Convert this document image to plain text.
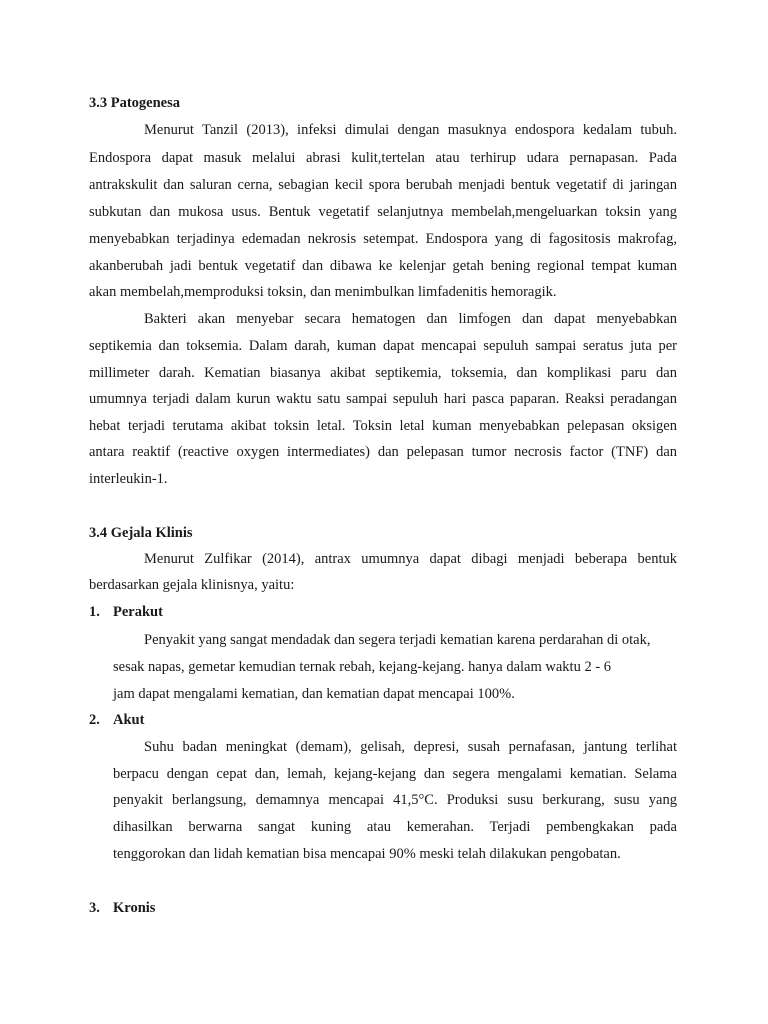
3.3 Patogenesa
Menurut Tanzil (2013), infeksi dimulai dengan masuknya endospora kedalam tubuh.
Endospora dapat masuk melalui abrasi kulit,tertelan atau terhirup udara pernapasan. Pada
antrakskulit dan saluran cerna, sebagian kecil spora berubah menjadi bentuk vegetatif di jaringan
subkutan dan mukosa usus. Bentuk vegetatif selanjutnya membelah,mengeluarkan toksin yang
menyebabkan terjadinya edemadan nekrosis setempat. Endospora yang di fagositosis makrofag,
akanberubah jadi bentuk vegetatif dan dibawa ke kelenjar getah bening regional tempat kuman
akan membelah,memproduksi toksin, dan menimbulkan limfadenitis hemoragik.
Bakteri akan menyebar secara hematogen dan limfogen dan dapat menyebabkan
septikemia dan toksemia. Dalam darah, kuman dapat mencapai sepuluh sampai seratus juta per
millimeter darah. Kematian biasanya akibat septikemia, toksemia, dan komplikasi paru dan
umumnya terjadi dalam kurun waktu satu sampai sepuluh hari pasca paparan. Reaksi peradangan
hebat terjadi terutama akibat toksin letal. Toksin letal kuman menyebabkan pelepasan oksigen
antara reaktif (reactive oxygen intermediates) dan pelepasan tumor necrosis factor (TNF) dan
interleukin-1.
3.4 Gejala Klinis
Menurut Zulfikar (2014), antrax umumnya dapat dibagi menjadi beberapa bentuk
berdasarkan gejala klinisnya, yaitu:
1. Perakut
Penyakit yang sangat mendadak dan segera terjadi kematian karena perdarahan di otak,
sesak napas, gemetar kemudian ternak rebah, kejang-kejang. hanya dalam waktu 2 - 6
jam dapat mengalami kematian, dan kematian dapat mencapai 100%.
2. Akut
Suhu badan meningkat (demam), gelisah, depresi, susah pernafasan, jantung terlihat
berpacu dengan cepat dan, lemah, kejang-kejang dan segera mengalami kematian. Selama
penyakit berlangsung, demamnya mencapai 41,5°C. Produksi susu berkurang, susu yang
dihasilkan berwarna sangat kuning atau kemerahan. Terjadi pembengkakan pada
tenggorokan dan lidah kematian bisa mencapai 90% meski telah dilakukan pengobatan.
3. Kronis
